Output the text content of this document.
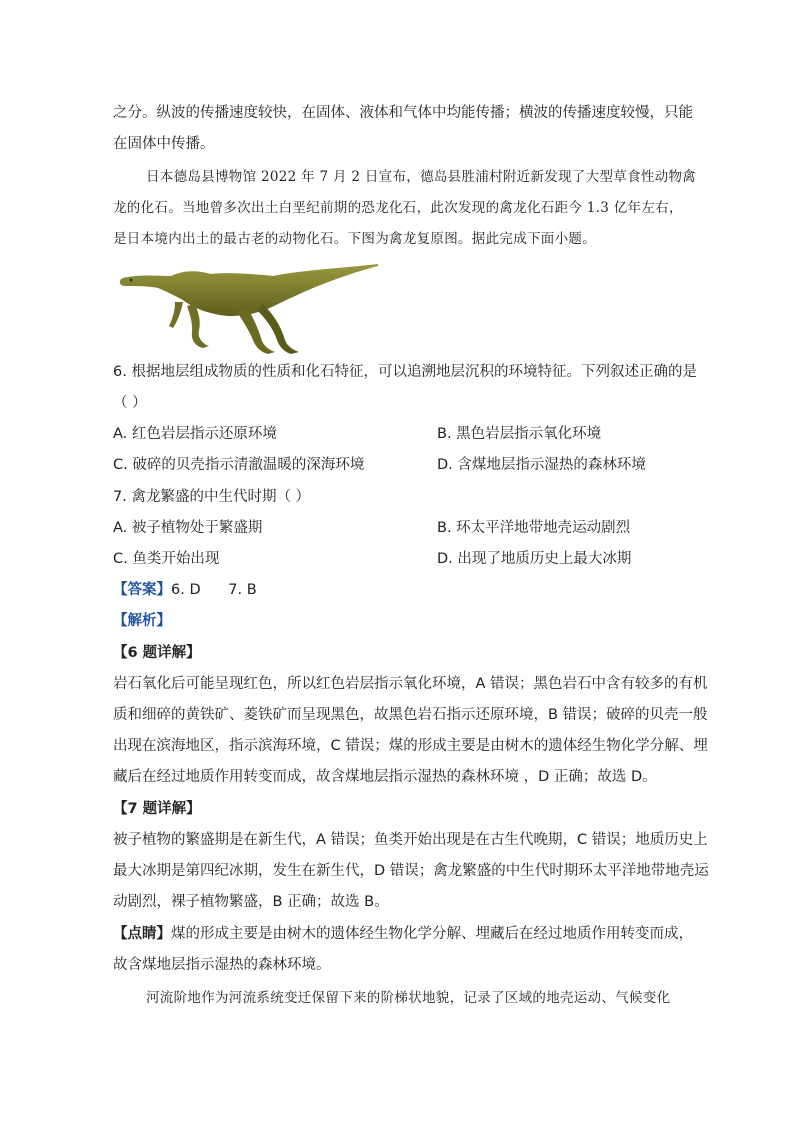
之分。纵波的传播速度较快，在固体、液体和气体中均能传播；横波的传播速度较慢，只能
在固体中传播。
日本德岛县博物馆 2022 年 7 月 2 日宣布，德岛县胜浦村附近新发现了大型草食性动物禽
龙的化石。当地曾多次出土白垩纪前期的恐龙化石，此次发现的禽龙化石距今 1.3 亿年左右，
是日本境内出土的最古老的动物化石。下图为禽龙复原图。据此完成下面小题。
6. 根据地层组成物质的性质和化石特征，可以追溯地层沉积的环境特征。下列叙述正确的是
（ ）
A. 红色岩层指示还原环境	B. 黑色岩层指示氧化环境
C. 破碎的贝壳指示清澈温暖的深海环境	D. 含煤地层指示湿热的森林环境
7. 禽龙繁盛的中生代时期（ ）
A. 被子植物处于繁盛期	B. 环太平洋地带地壳运动剧烈
C. 鱼类开始出现	D. 出现了地质历史上最大冰期
【答案】6. D      7. B
【解析】
【6 题详解】
岩石氧化后可能呈现红色，所以红色岩层指示氧化环境，A 错误；黑色岩石中含有较多的有机
质和细碎的黄铁矿、菱铁矿而呈现黑色，故黑色岩石指示还原环境，B 错误；破碎的贝壳一般
出现在滨海地区，指示滨海环境，C 错误；煤的形成主要是由树木的遗体经生物化学分解、埋
藏后在经过地质作用转变而成，故含煤地层指示湿热的森林环境 ，D 正确；故选 D。
【7 题详解】
被子植物的繁盛期是在新生代，A 错误；鱼类开始出现是在古生代晚期，C 错误；地质历史上
最大冰期是第四纪冰期，发生在新生代，D 错误；禽龙繁盛的中生代时期环太平洋地带地壳运
动剧烈，裸子植物繁盛，B 正确；故选 B。
【点睛】煤的形成主要是由树木的遗体经生物化学分解、埋藏后在经过地质作用转变而成，
故含煤地层指示湿热的森林环境。
河流阶地作为河流系统变迁保留下来的阶梯状地貌，记录了区域的地壳运动、气候变化
